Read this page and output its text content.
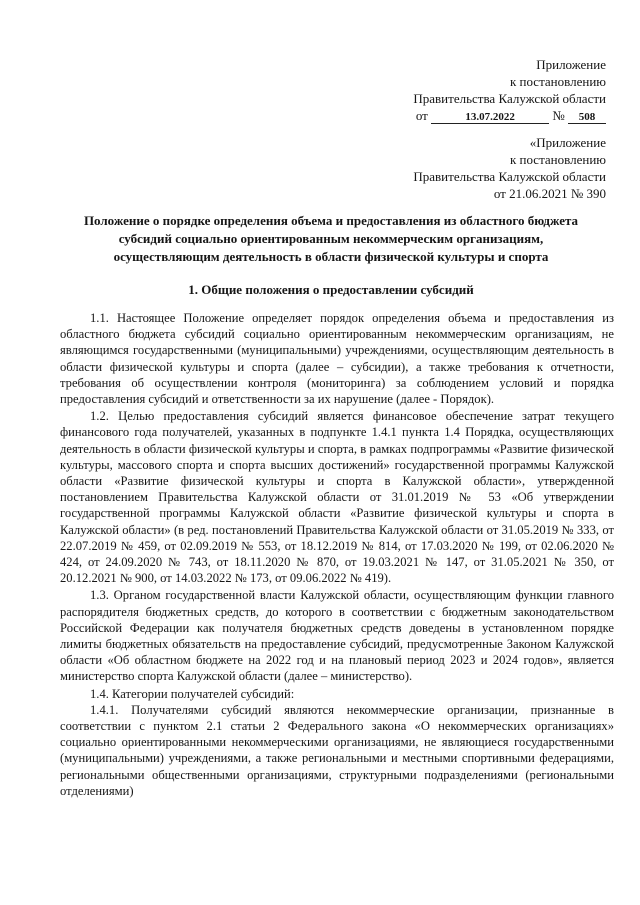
Приложение
к постановлению
Правительства Калужской области
от	13.07.2022	№ 508
«Приложение
к постановлению
Правительства Калужской области
от 21.06.2021 № 390
Положение о порядке определения объема и предоставления из областного бюджета
субсидий социально ориентированным некоммерческим организациям,
осуществляющим деятельность в области физической культуры и спорта
1. Общие положения о предоставлении субсидий

1.1. Настоящее Положение определяет порядок определения объема и предоставления из областного бюджета субсидий социально ориентированным некоммерческим организациям, не являющимся государственными (муниципальными) учреждениями, осуществляющим деятельность в области физической культуры и спорта (далее – субсидии), а также требования к отчетности, требования об осуществлении контроля (мониторинга) за соблюдением условий и порядка предоставления субсидий и ответственности за их нарушение (далее - Порядок).

1.2. Целью предоставления субсидий является финансовое обеспечение затрат текущего финансового года получателей, указанных в подпункте 1.4.1 пункта 1.4 Порядка, осуществляющих деятельность в области физической культуры и спорта, в рамках подпрограммы «Развитие физической культуры, массового спорта и спорта высших достижений» государственной программы Калужской области «Развитие физической культуры и спорта в Калужской области», утвержденной постановлением Правительства Калужской области от 31.01.2019 № 53 «Об утверждении государственной программы Калужской области «Развитие физической культуры и спорта в Калужской области» (в ред. постановлений Правительства Калужской области от 31.05.2019 № 333, от 22.07.2019 № 459, от 02.09.2019 № 553, от 18.12.2019 № 814, от 17.03.2020 № 199, от 02.06.2020 № 424, от 24.09.2020 № 743, от 18.11.2020 № 870, от 19.03.2021 № 147, от 31.05.2021 № 350, от 20.12.2021 № 900, от 14.03.2022 № 173, от 09.06.2022 № 419).

1.3. Органом государственной власти Калужской области, осуществляющим функции главного распорядителя бюджетных средств, до которого в соответствии с бюджетным законодательством Российской Федерации как получателя бюджетных средств доведены в установленном порядке лимиты бюджетных обязательств на предоставление субсидий, предусмотренные Законом Калужской области «Об областном бюджете на 2022 год и на плановый период 2023 и 2024 годов», является министерство спорта Калужской области (далее – министерство).

1.4. Категории получателей субсидий:

1.4.1. Получателями субсидий являются некоммерческие организации, признанные в соответствии с пунктом 2.1 статьи 2 Федерального закона «О некоммерческих организациях» социально ориентированными некоммерческими организациями, не являющиеся государственными (муниципальными) учреждениями, а также региональными и местными спортивными федерациями, региональными общественными организациями, структурными подразделениями (региональными отделениями)
